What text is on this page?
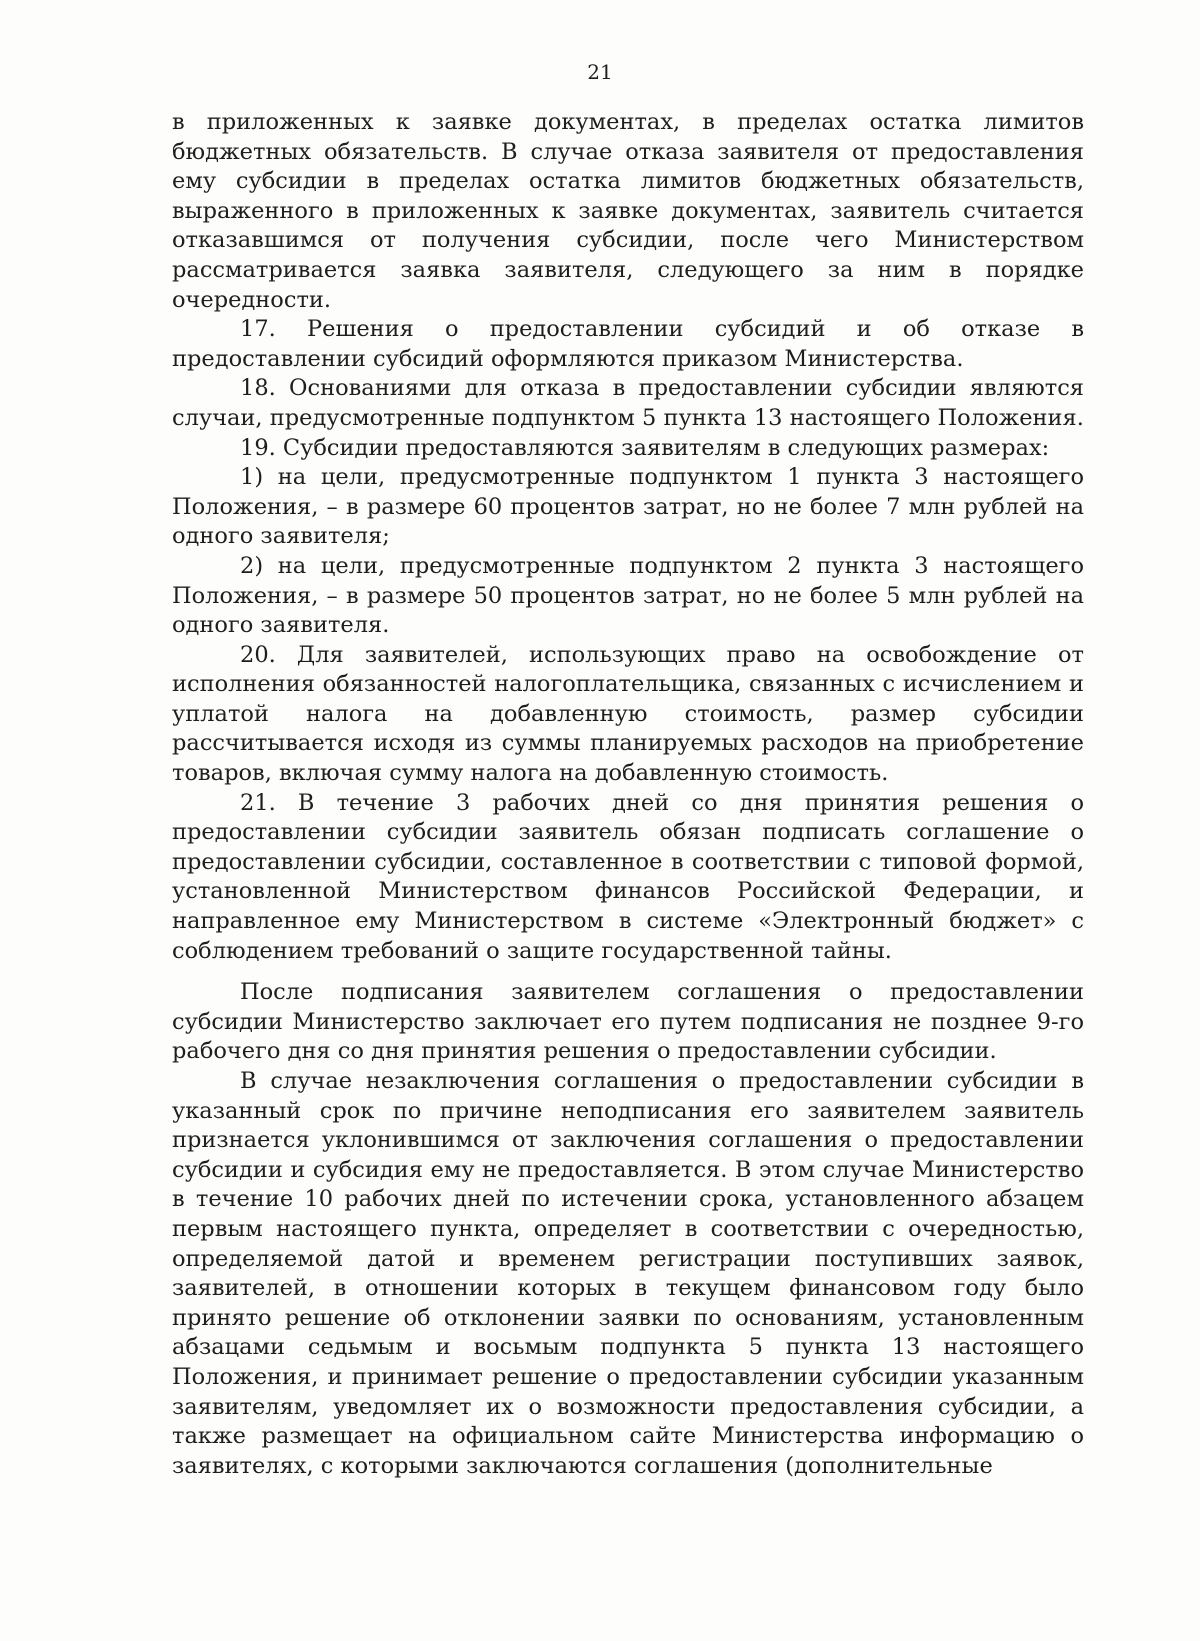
21

в приложенных к заявке документах, в пределах остатка лимитов бюджетных обязательств. В случае отказа заявителя от предоставления ему субсидии в пределах остатка лимитов бюджетных обязательств, выраженного в приложенных к заявке документах, заявитель считается отказавшимся от получения субсидии, после чего Министерством рассматривается заявка заявителя, следующего за ним в порядке очередности.

17. Решения о предоставлении субсидий и об отказе в предоставлении субсидий оформляются приказом Министерства.

18. Основаниями для отказа в предоставлении субсидии являются случаи, предусмотренные подпунктом 5 пункта 13 настоящего Положения.

19. Субсидии предоставляются заявителям в следующих размерах:

1) на цели, предусмотренные подпунктом 1 пункта 3 настоящего Положения, – в размере 60 процентов затрат, но не более 7 млн рублей на одного заявителя;

2) на цели, предусмотренные подпунктом 2 пункта 3 настоящего Положения, – в размере 50 процентов затрат, но не более 5 млн рублей на одного заявителя.

20. Для заявителей, использующих право на освобождение от исполнения обязанностей налогоплательщика, связанных с исчислением и уплатой налога на добавленную стоимость, размер субсидии рассчитывается исходя из суммы планируемых расходов на приобретение товаров, включая сумму налога на добавленную стоимость.

21. В течение 3 рабочих дней со дня принятия решения о предоставлении субсидии заявитель обязан подписать соглашение о предоставлении субсидии, составленное в соответствии с типовой формой, установленной Министерством финансов Российской Федерации, и направленное ему Министерством в системе «Электронный бюджет» с соблюдением требований о защите государственной тайны.

После подписания заявителем соглашения о предоставлении субсидии Министерство заключает его путем подписания не позднее 9-го рабочего дня со дня принятия решения о предоставлении субсидии.

В случае незаключения соглашения о предоставлении субсидии в указанный срок по причине неподписания его заявителем заявитель признается уклонившимся от заключения соглашения о предоставлении субсидии и субсидия ему не предоставляется. В этом случае Министерство в течение 10 рабочих дней по истечении срока, установленного абзацем первым настоящего пункта, определяет в соответствии с очередностью, определяемой датой и временем регистрации поступивших заявок, заявителей, в отношении которых в текущем финансовом году было принято решение об отклонении заявки по основаниям, установленным абзацами седьмым и восьмым подпункта 5 пункта 13 настоящего Положения, и принимает решение о предоставлении субсидии указанным заявителям, уведомляет их о возможности предоставления субсидии, а также размещает на официальном сайте Министерства информацию о заявителях, с которыми заключаются соглашения (дополнительные
